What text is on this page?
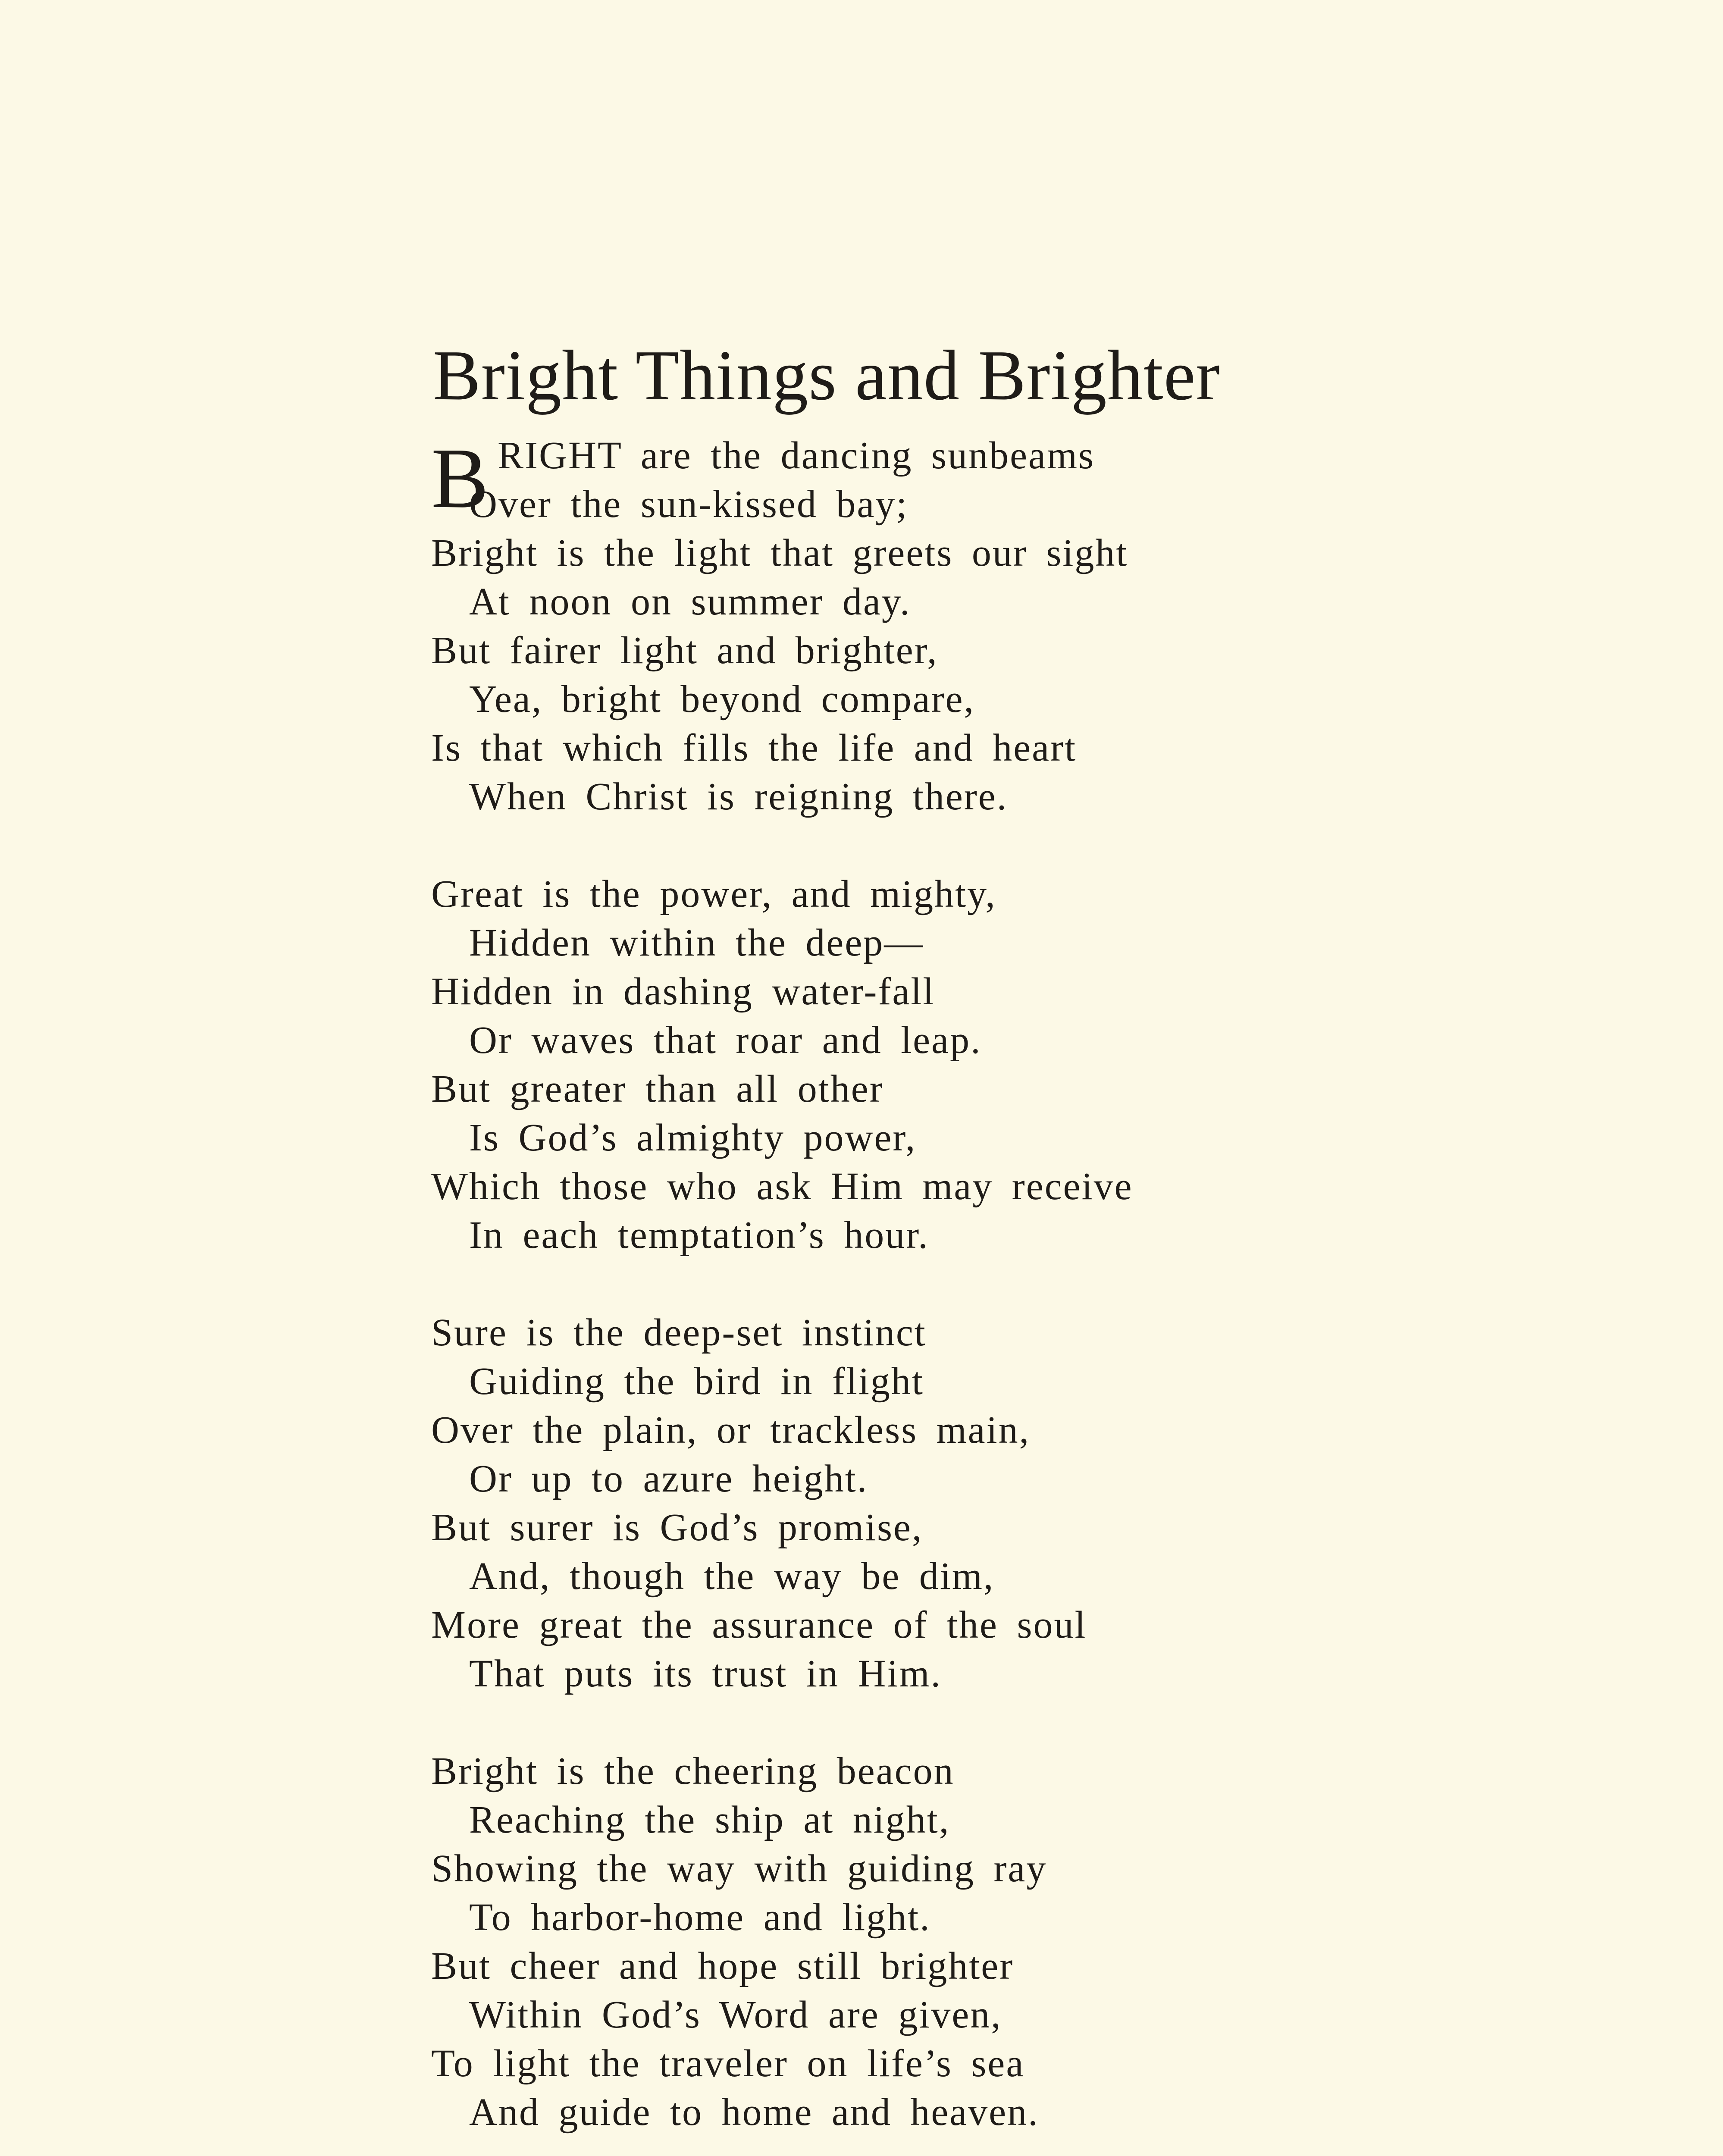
Bright Things and Brighter
B RIGHT are the dancing sunbeams
Over the sun-kissed bay;
Bright is the light that greets our sight
At noon on summer day.
But fairer light and brighter,
Yea, bright beyond compare,
Is that which fills the life and heart
When Christ is reigning there.
Great is the power, and mighty,
Hidden within the deep—
Hidden in dashing water-fall
Or waves that roar and leap.
But greater than all other
Is God’s almighty power,
Which those who ask Him may receive
In each temptation’s hour.
Sure is the deep-set instinct
Guiding the bird in flight
Over the plain, or trackless main,
Or up to azure height.
But surer is God’s promise,
And, though the way be dim,
More great the assurance of the soul
That puts its trust in Him.
Bright is the cheering beacon
Reaching the ship at night,
Showing the way with guiding ray
To harbor-home and light.
But cheer and hope still brighter
Within God’s Word are given,
To light the traveler on life’s sea
And guide to home and heaven.
